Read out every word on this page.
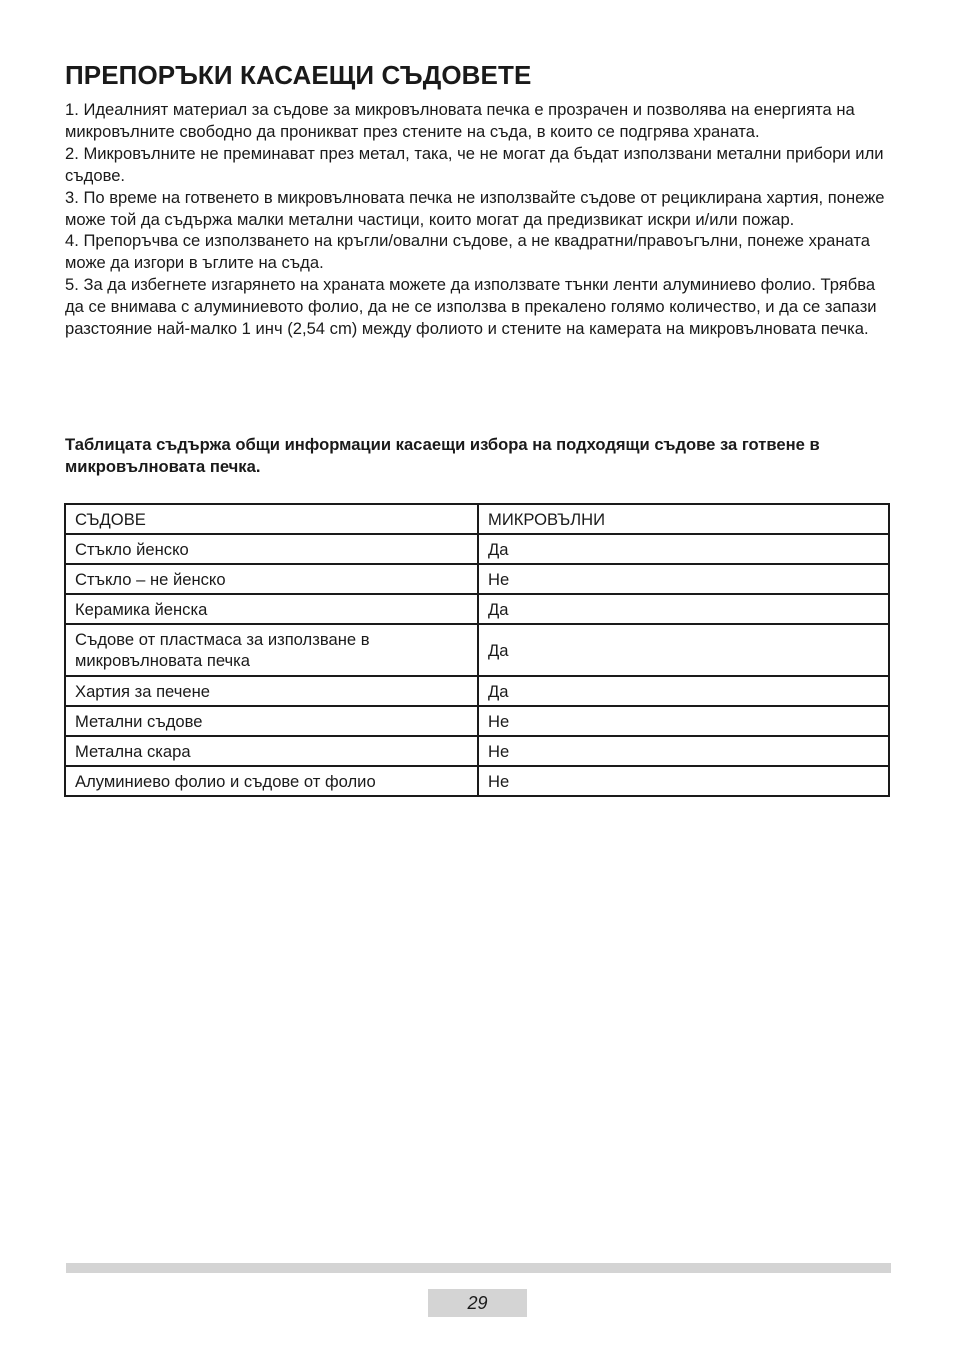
ПРЕПОРЪКИ КАСАЕЩИ СЪДОВЕТЕ

1. Идеалният материал за съдове за микровълновата печка е прозрачен и позволява на енергията на микровълните свободно да проникват през стените на съда, в които се подгрява храната.

2. Микровълните не преминават през метал, така, че не могат да бъдат използвани метални прибори или съдове.

3. По време на готвенето в микровълновата печка не използвайте съдове от рециклирана хартия, понеже може той да съдържа малки метални частици, които могат да предизвикат искри и/или пожар.

4. Препоръчва се използването на кръгли/овални съдове, а не квадратни/правоъгълни, понеже храната може да изгори в ъглите на съда.

5. За да избегнете изгарянето на храната можете да използвате тънки ленти алуминиево фолио. Трябва да се внимава с алуминиевото фолио, да не се използва в прекалено голямо количество, и да се запази разстояние най-малко 1 инч (2,54 cm) между фолиото и стените на камерата на микровълновата печка.

Таблицата съдържа общи информации касаещи избора на подходящи съдове за готвене в микровълновата печка.

СЪДОВЕ	МИКРОВЪЛНИ
Стъкло йенско	Да
Стъкло – не йенско	Не
Керамика йенска	Да
Съдове от пластмаса за използване в микровълновата печка	Да
Хартия за печене	Да
Метални съдове	Не
Метална скара	Не
Алуминиево фолио и съдове от фолио	Не
29
